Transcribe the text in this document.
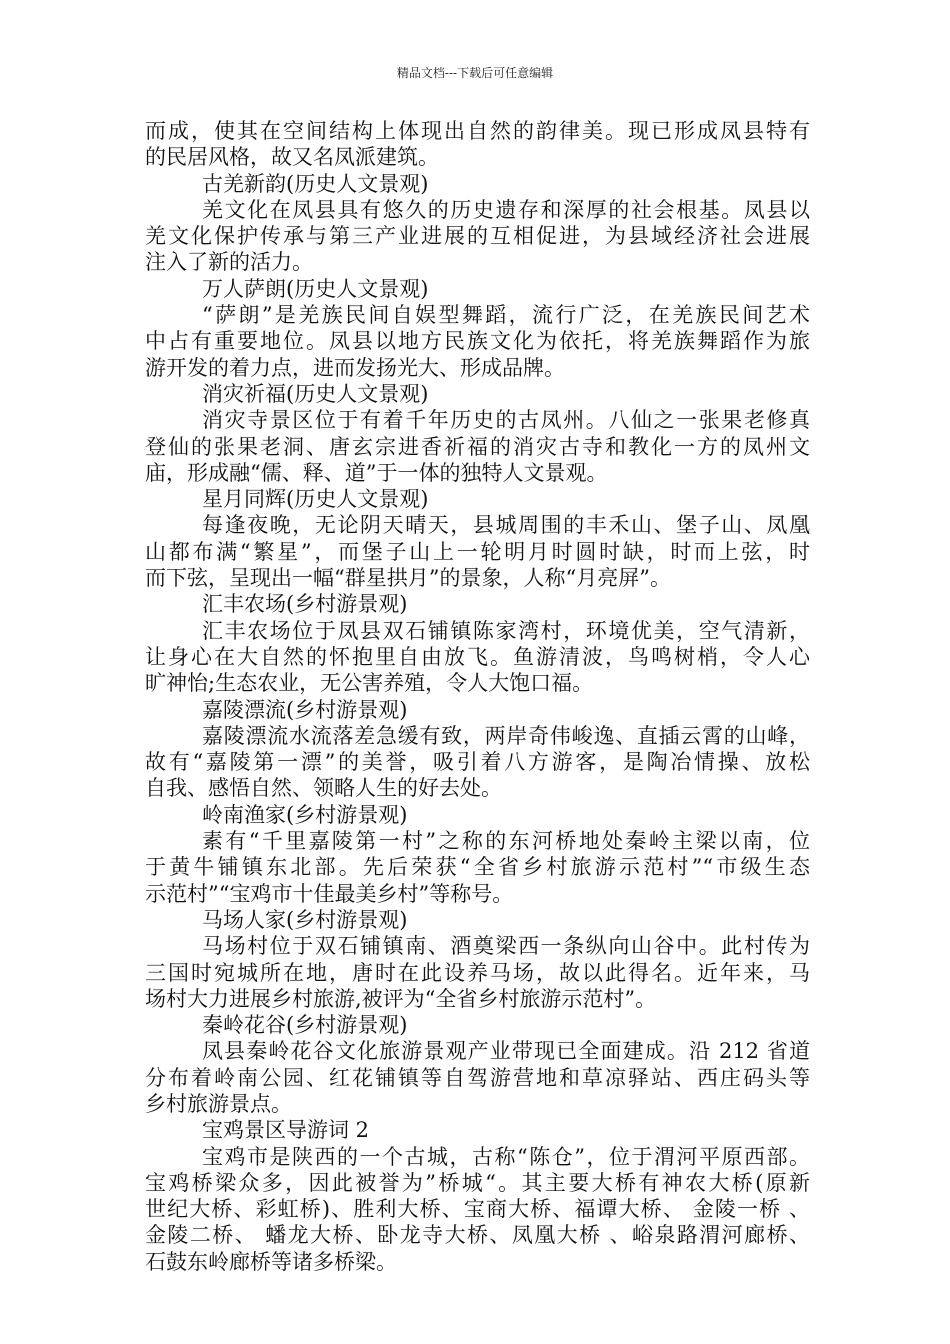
精品文档---下载后可任意编辑
而成，使其在空间结构上体现出自然的韵律美。现已形成凤县特有
的民居风格，故又名凤派建筑。
古羌新韵(历史人文景观)
羌文化在凤县具有悠久的历史遗存和深厚的社会根基。凤县以
羌文化保护传承与第三产业进展的互相促进，为县域经济社会进展
注入了新的活力。
万人萨朗(历史人文景观)
“萨朗”是羌族民间自娱型舞蹈，流行广泛，在羌族民间艺术
中占有重要地位。凤县以地方民族文化为依托，将羌族舞蹈作为旅
游开发的着力点，进而发扬光大、形成品牌。
消灾祈福(历史人文景观)
消灾寺景区位于有着千年历史的古凤州。八仙之一张果老修真
登仙的张果老洞、唐玄宗进香祈福的消灾古寺和教化一方的凤州文
庙，形成融“儒、释、道”于一体的独特人文景观。
星月同辉(历史人文景观)
每逢夜晚，无论阴天晴天，县城周围的丰禾山、堡子山、凤凰
山都布满“繁星”，而堡子山上一轮明月时圆时缺，时而上弦，时
而下弦，呈现出一幅“群星拱月”的景象，人称“月亮屏”。
汇丰农场(乡村游景观)
汇丰农场位于凤县双石铺镇陈家湾村，环境优美，空气清新，
让身心在大自然的怀抱里自由放飞。鱼游清波，鸟鸣树梢，令人心
旷神怡;生态农业，无公害养殖，令人大饱口福。
嘉陵漂流(乡村游景观)
嘉陵漂流水流落差急缓有致，两岸奇伟峻逸、直插云霄的山峰，
故有“嘉陵第一漂”的美誉，吸引着八方游客，是陶冶情操、放松
自我、感悟自然、领略人生的好去处。
岭南渔家(乡村游景观)
素有“千里嘉陵第一村”之称的东河桥地处秦岭主梁以南，位
于黄牛铺镇东北部。先后荣获“全省乡村旅游示范村”“市级生态
示范村”“宝鸡市十佳最美乡村”等称号。
马场人家(乡村游景观)
马场村位于双石铺镇南、酒奠梁西一条纵向山谷中。此村传为
三国时宛城所在地，唐时在此设养马场，故以此得名。近年来，马
场村大力进展乡村旅游,被评为“全省乡村旅游示范村”。
秦岭花谷(乡村游景观)
凤县秦岭花谷文化旅游景观产业带现已全面建成。沿 212 省道
分布着岭南公园、红花铺镇等自驾游营地和草凉驿站、西庄码头等
乡村旅游景点。
宝鸡景区导游词 2
宝鸡市是陕西的一个古城，古称“陈仓”，位于渭河平原西部。
宝鸡桥梁众多，因此被誉为”桥城“。其主要大桥有神农大桥(原新
世纪大桥、彩虹桥)、胜利大桥、宝商大桥、福谭大桥、 金陵一桥 、
金陵二桥、 蟠龙大桥、卧龙寺大桥、凤凰大桥 、峪泉路渭河廊桥、
石鼓东岭廊桥等诸多桥梁。
